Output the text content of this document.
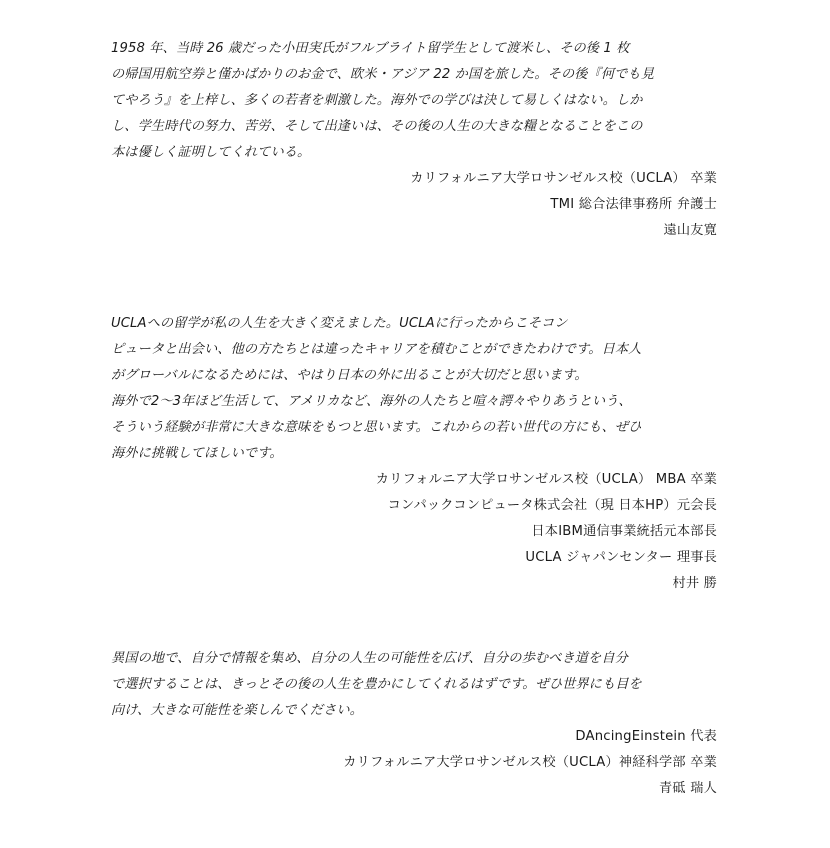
1958 年、当時 26 歳だった小田実氏がフルブライト留学生として渡米し、その後 1 枚
の帰国用航空券と僅かばかりのお金で、欧米・アジア 22 か国を旅した。その後『何でも見
てやろう』を上梓し、多くの若者を刺激した。海外での学びは決して易しくはない。しか
し、学生時代の努力、苦労、そして出逢いは、その後の人生の大きな糧となることをこの
本は優しく証明してくれている。
カリフォルニア大学ロサンゼルス校（UCLA） 卒業
TMI 総合法律事務所 弁護士
遠山友寛
UCLAへの留学が私の人生を大きく変えました。UCLAに行ったからこそコン
ピュータと出会い、他の方たちとは違ったキャリアを積むことができたわけです。日本人
がグローバルになるためには、やはり日本の外に出ることが大切だと思います。
海外で2〜3年ほど生活して、アメリカなど、海外の人たちと喧々諤々やりあうという、
そういう経験が非常に大きな意味をもつと思います。これからの若い世代の方にも、ぜひ
海外に挑戦してほしいです。
カリフォルニア大学ロサンゼルス校（UCLA） MBA 卒業
コンパックコンピュータ株式会社（現 日本HP）元会長
日本IBM通信事業統括元本部長
UCLA ジャパンセンター 理事長
村井 勝
異国の地で、自分で情報を集め、自分の人生の可能性を広げ、自分の歩むべき道を自分
で選択することは、きっとその後の人生を豊かにしてくれるはずです。ぜひ世界にも目を
向け、大きな可能性を楽しんでください。
DAncingEinstein 代表
カリフォルニア大学ロサンゼルス校（UCLA）神経科学部 卒業
青砥 瑞人
